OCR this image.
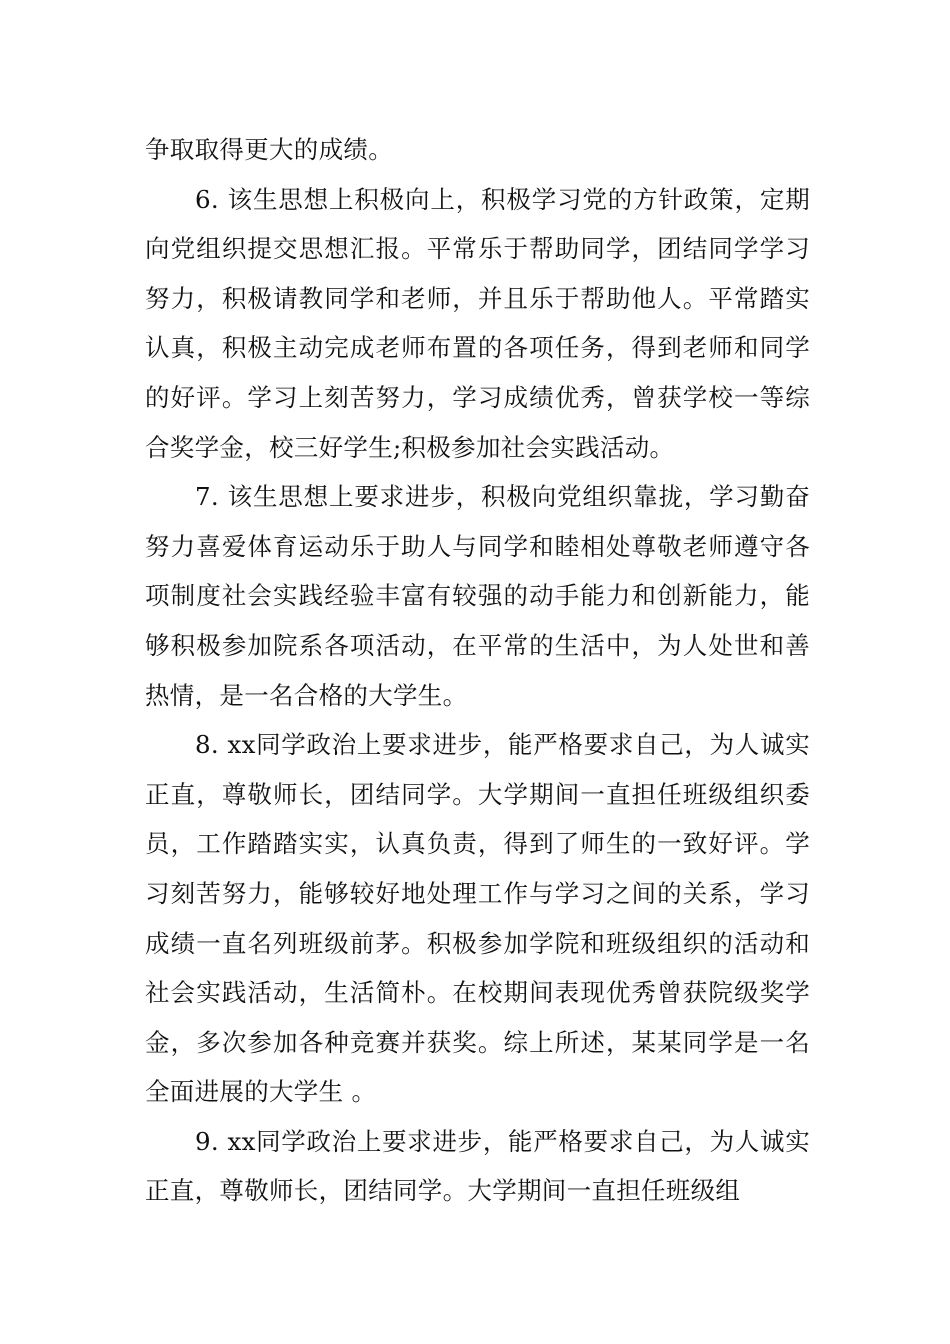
争取取得更大的成绩。

6. 该生思想上积极向上，积极学习党的方针政策，定期向党组织提交思想汇报。平常乐于帮助同学，团结同学学习努力，积极请教同学和老师，并且乐于帮助他人。平常踏实认真，积极主动完成老师布置的各项任务，得到老师和同学的好评。学习上刻苦努力，学习成绩优秀，曾获学校一等综合奖学金，校三好学生;积极参加社会实践活动。

7. 该生思想上要求进步，积极向党组织靠拢，学习勤奋努力喜爱体育运动乐于助人与同学和睦相处尊敬老师遵守各项制度社会实践经验丰富有较强的动手能力和创新能力，能够积极参加院系各项活动，在平常的生活中，为人处世和善热情，是一名合格的大学生。

8. xx同学政治上要求进步，能严格要求自己，为人诚实正直，尊敬师长，团结同学。大学期间一直担任班级组织委员，工作踏踏实实，认真负责，得到了师生的一致好评。学习刻苦努力，能够较好地处理工作与学习之间的关系，学习成绩一直名列班级前茅。积极参加学院和班级组织的活动和社会实践活动，生活简朴。在校期间表现优秀曾获院级奖学金，多次参加各种竞赛并获奖。综上所述，某某同学是一名全面进展的大学生 。

9. xx同学政治上要求进步，能严格要求自己，为人诚实正直，尊敬师长，团结同学。大学期间一直担任班级组
